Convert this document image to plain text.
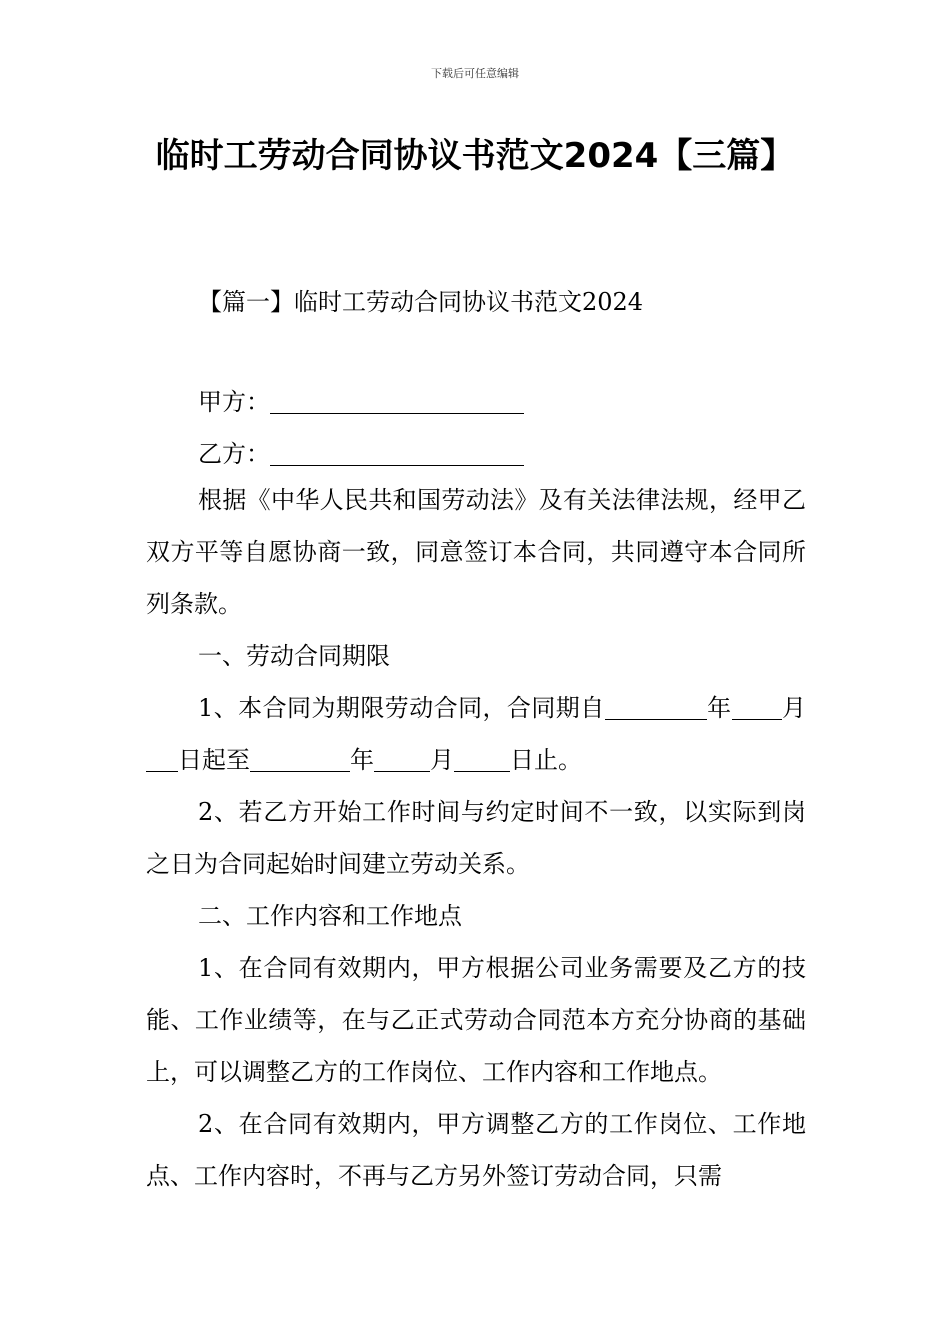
下载后可任意编辑
临时工劳动合同协议书范文2024【三篇】
【篇一】临时工劳动合同协议书范文2024
甲方：
乙方：

根据《中华人民共和国劳动法》及有关法律法规，经甲乙双方平等自愿协商一致，同意签订本合同，共同遵守本合同所列条款。

一、劳动合同期限

1、本合同为期限劳动合同，合同期自	年 月日起至	年 月 日止。

2、若乙方开始工作时间与约定时间不一致，以实际到岗之日为合同起始时间建立劳动关系。

二、工作内容和工作地点

1、在合同有效期内，甲方根据公司业务需要及乙方的技能、工作业绩等，在与乙正式劳动合同范本方充分协商的基础上，可以调整乙方的工作岗位、工作内容和工作地点。

2、在合同有效期内，甲方调整乙方的工作岗位、工作地点、工作内容时，不再与乙方另外签订劳动合同，只需
